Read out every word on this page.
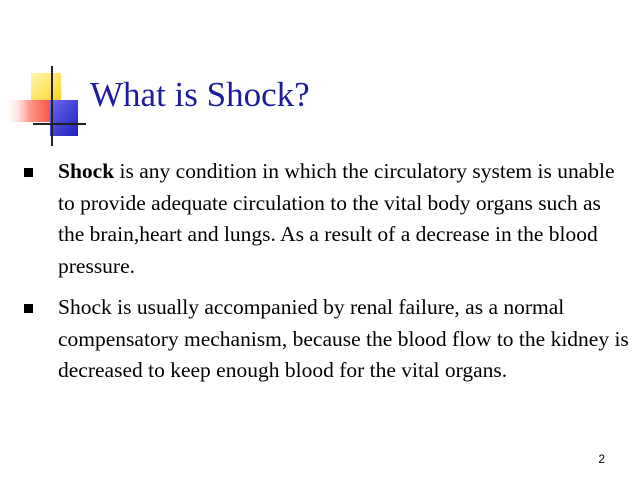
What is Shock?
Shock is any condition in which the circulatory system is unable to provide adequate circulation to the vital body organs such as the brain,heart and lungs. As a result of a decrease in the blood pressure.
Shock is usually accompanied by renal failure, as a normal compensatory mechanism, because the blood flow to the kidney is decreased to keep enough blood for the vital organs.
2
